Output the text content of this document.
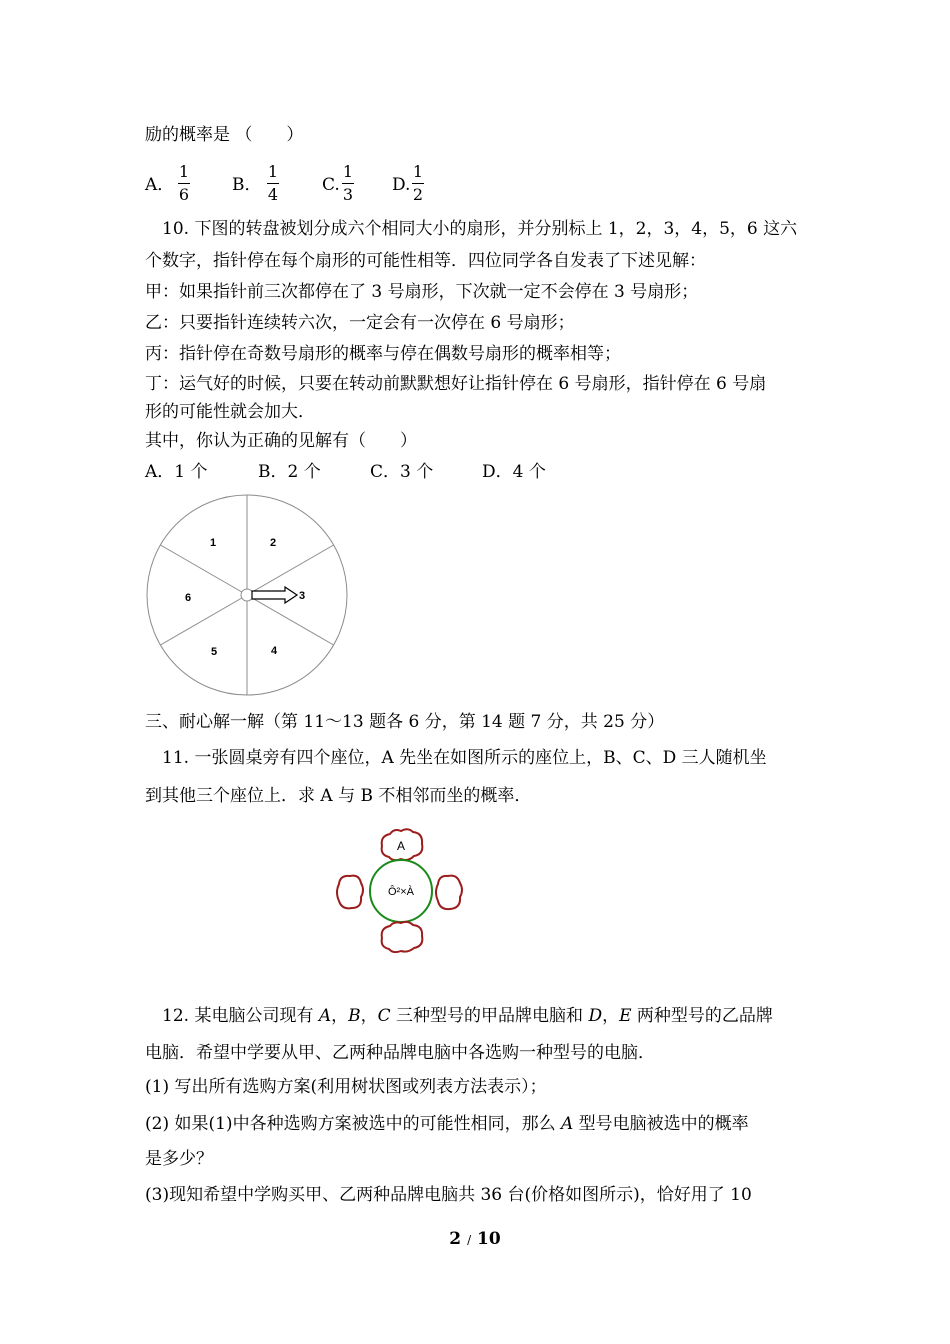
励的概率是 （　　）
A．
1
6	B．
1
4	C.
1
3 D.
1
2
10. 下图的转盘被划分成六个相同大小的扇形，并分别标上 1，2，3，4，5，6 这六
个数字，指针停在每个扇形的可能性相等．四位同学各自发表了下述见解：
甲：如果指针前三次都停在了 3 号扇形，下次就一定不会停在 3 号扇形；
乙：只要指针连续转六次，一定会有一次停在 6 号扇形；
丙：指针停在奇数号扇形的概率与停在偶数号扇形的概率相等；
丁：运气好的时候，只要在转动前默默想好让指针停在 6 号扇形，指针停在 6 号扇
形的可能性就会加大．
其中，你认为正确的见解有（　　）
A．1 个	B．2 个	C．3 个	D．4 个
1	2
3
4
5
6
三、耐心解一解（第 11～13 题各 6 分，第 14 题 7 分，共 25 分）
11. 一张圆桌旁有四个座位，A 先坐在如图所示的座位上，B、C、D 三人随机坐
到其他三个座位上．求 A 与 B 不相邻而坐的概率．
A
Ô²×À
12. 某电脑公司现有 A，B，C 三种型号的甲品牌电脑和 D，E 两种型号的乙品牌
电脑．希望中学要从甲、乙两种品牌电脑中各选购一种型号的电脑．
(1) 写出所有选购方案(利用树状图或列表方法表示）；
(2) 如果(1)中各种选购方案被选中的可能性相同，那么 A 型号电脑被选中的概率
是多少？
(3)现知希望中学购买甲、乙两种品牌电脑共 36 台(价格如图所示)，恰好用了 10
2 / 10
